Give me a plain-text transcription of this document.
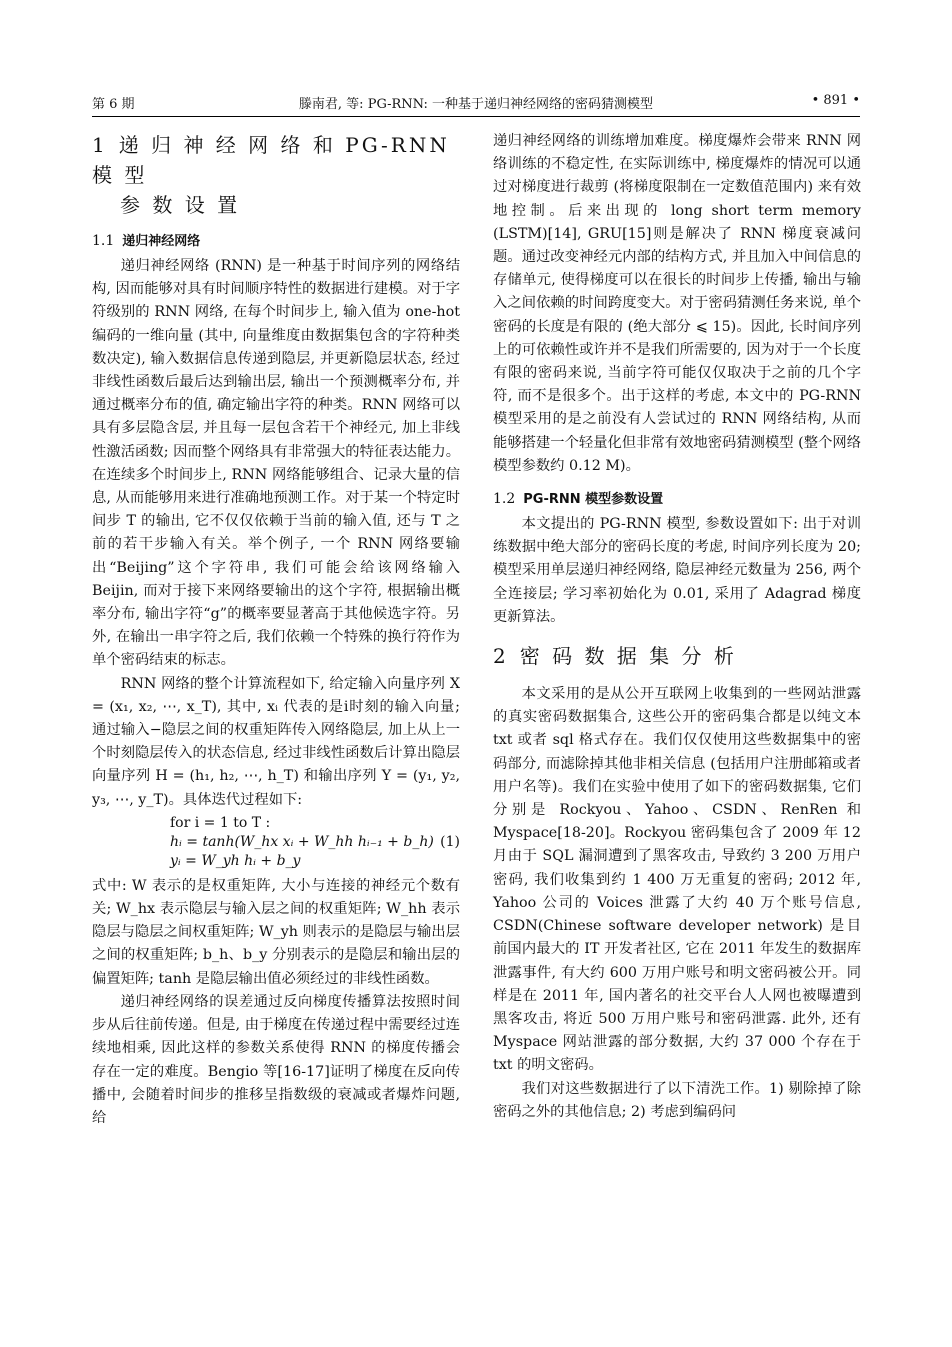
第 6 期	滕南君, 等: PG-RNN: 一种基于递归神经网络的密码猜测模型	• 891 •
1 递 归 神 经 网 络 和 PG-RNN 模 型
参 数 设 置
1.1 递归神经网络

递归神经网络 (RNN) 是一种基于时间序列的网络结构, 因而能够对具有时间顺序特性的数据进行建模。对于字符级别的 RNN 网络, 在每个时间步上, 输入值为 one-hot 编码的一维向量 (其中, 向量维度由数据集包含的字符种类数决定), 输入数据信息传递到隐层, 并更新隐层状态, 经过非线性函数后最后达到输出层, 输出一个预测概率分布, 并通过概率分布的值, 确定输出字符的种类。RNN 网络可以具有多层隐含层, 并且每一层包含若干个神经元, 加上非线性激活函数; 因而整个网络具有非常强大的特征表达能力。在连续多个时间步上, RNN 网络能够组合、记录大量的信息, 从而能够用来进行准确地预测工作。对于某一个特定时间步 T 的输出, 它不仅仅依赖于当前的输入值, 还与 T 之前的若干步输入有关。举个例子, 一个 RNN 网络要输出“Beijing”这个字符串, 我们可能会给该网络输入 Beijin, 而对于接下来网络要输出的这个字符, 根据输出概率分布, 输出字符“g”的概率要显著高于其他候选字符。另外, 在输出一串字符之后, 我们依赖一个特殊的换行符作为单个密码结束的标志。

RNN 网络的整个计算流程如下, 给定输入向量序列 X = (x₁, x₂, ⋯, x_T), 其中, xᵢ 代表的是i时刻的输入向量; 通过输入−隐层之间的权重矩阵传入网络隐层, 加上从上一个时刻隐层传入的状态信息, 经过非线性函数后计算出隐层向量序列 H = (h₁, h₂, ⋯, h_T) 和输出序列 Y = (y₁, y₂, y₃, ⋯, y_T)。具体迭代过程如下:

for i = 1 to T :
hᵢ = tanh(W_hx xᵢ + W_hh hᵢ₋₁ + b_h)
yᵢ = W_yh hᵢ + b_y
(1)

式中: W 表示的是权重矩阵, 大小与连接的神经元个数有关; W_hx 表示隐层与输入层之间的权重矩阵; W_hh 表示隐层与隐层之间权重矩阵; W_yh 则表示的是隐层与输出层之间的权重矩阵; b_h、b_y 分别表示的是隐层和输出层的偏置矩阵; tanh 是隐层输出值必须经过的非线性函数。

递归神经网络的误差通过反向梯度传播算法按照时间步从后往前传递。但是, 由于梯度在传递过程中需要经过连续地相乘, 因此这样的参数关系使得 RNN 的梯度传播会存在一定的难度。Bengio 等[16-17]证明了梯度在反向传播中, 会随着时间步的推移呈指数级的衰减或者爆炸问题, 给

递归神经网络的训练增加难度。梯度爆炸会带来 RNN 网络训练的不稳定性, 在实际训练中, 梯度爆炸的情况可以通过对梯度进行裁剪 (将梯度限制在一定数值范围内) 来有效地控制。后来出现的 long short term memory (LSTM)[14], GRU[15]则是解决了 RNN 梯度衰减问题。通过改变神经元内部的结构方式, 并且加入中间信息的存储单元, 使得梯度可以在很长的时间步上传播, 输出与输入之间依赖的时间跨度变大。对于密码猜测任务来说, 单个密码的长度是有限的 (绝大部分 ⩽ 15)。因此, 长时间序列上的可依赖性或许并不是我们所需要的, 因为对于一个长度有限的密码来说, 当前字符可能仅仅取决于之前的几个字符, 而不是很多个。出于这样的考虑, 本文中的 PG-RNN 模型采用的是之前没有人尝试过的 RNN 网络结构, 从而能够搭建一个轻量化但非常有效地密码猜测模型 (整个网络模型参数约 0.12 M)。

1.2 PG-RNN 模型参数设置

本文提出的 PG-RNN 模型, 参数设置如下: 出于对训练数据中绝大部分的密码长度的考虑, 时间序列长度为 20; 模型采用单层递归神经网络, 隐层神经元数量为 256, 两个全连接层; 学习率初始化为 0.01, 采用了 Adagrad 梯度更新算法。

2 密 码 数 据 集 分 析

本文采用的是从公开互联网上收集到的一些网站泄露的真实密码数据集合, 这些公开的密码集合都是以纯文本 txt 或者 sql 格式存在。我们仅仅使用这些数据集中的密码部分, 而滤除掉其他非相关信息 (包括用户注册邮箱或者用户名等)。我们在实验中使用了如下的密码数据集, 它们分别是 Rockyou、Yahoo、CSDN、RenRen 和 Myspace[18-20]。Rockyou 密码集包含了 2009 年 12 月由于 SQL 漏洞遭到了黑客攻击, 导致约 3 200 万用户密码, 我们收集到约 1 400 万无重复的密码; 2012 年, Yahoo 公司的 Voices 泄露了大约 40 万个账号信息, CSDN(Chinese software developer network) 是目前国内最大的 IT 开发者社区, 它在 2011 年发生的数据库泄露事件, 有大约 600 万用户账号和明文密码被公开。同样是在 2011 年, 国内著名的社交平台人人网也被曝遭到黑客攻击, 将近 500 万用户账号和密码泄露. 此外, 还有 Myspace 网站泄露的部分数据, 大约 37 000 个存在于 txt 的明文密码。

我们对这些数据进行了以下清洗工作。1) 剔除掉了除密码之外的其他信息; 2) 考虑到编码问
